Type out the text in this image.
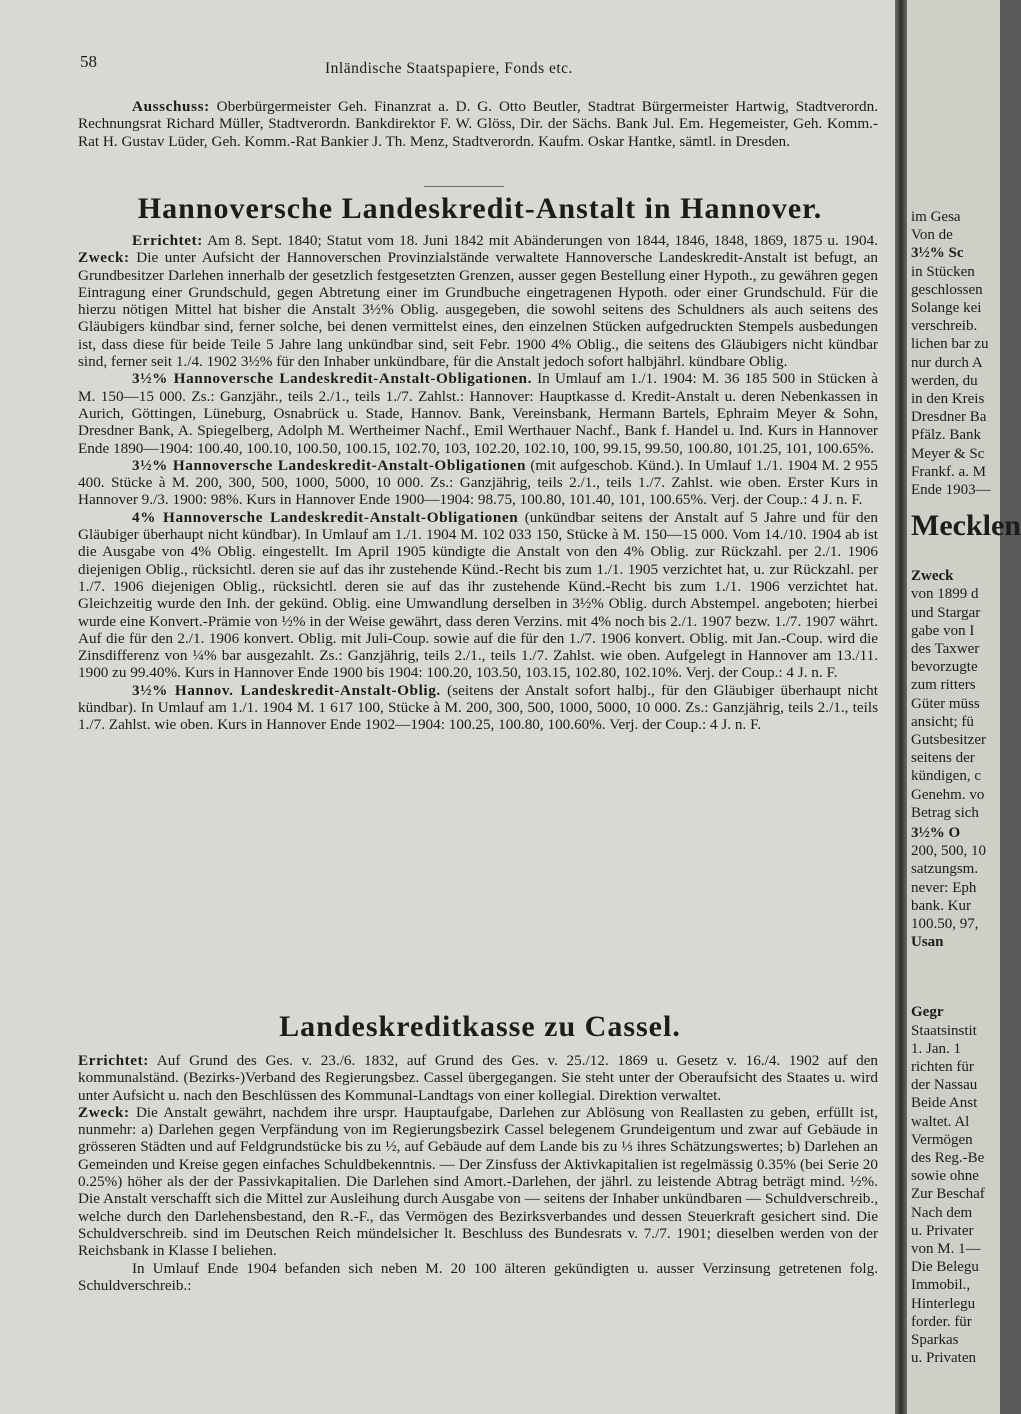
58	Inländische Staatspapiere, Fonds etc.

Ausschuss: Oberbürgermeister Geh. Finanzrat a. D. G. Otto Beutler, Stadtrat Bürgermeister Hartwig, Stadtverordn. Rechnungsrat Richard Müller, Stadtverordn. Bankdirektor F. W. Glöss, Dir. der Sächs. Bank Jul. Em. Hegemeister, Geh. Komm.-Rat H. Gustav Lüder, Geh. Komm.-Rat Bankier J. Th. Menz, Stadtverordn. Kaufm. Oskar Hantke, sämtl. in Dresden.

Hannoversche Landeskredit-Anstalt in Hannover.

Errichtet: Am 8. Sept. 1840; Statut vom 18. Juni 1842 mit Abänderungen von 1844, 1846, 1848, 1869, 1875 u. 1904. Zweck: Die unter Aufsicht der Hannoverschen Provinzialstände verwaltete Hannoversche Landeskredit-Anstalt ist befugt, an Grundbesitzer Darlehen innerhalb der gesetzlich festgesetzten Grenzen, ausser gegen Bestellung einer Hypoth., zu gewähren gegen Eintragung einer Grundschuld, gegen Abtretung einer im Grundbuche eingetragenen Hypoth. oder einer Grundschuld. Für die hierzu nötigen Mittel hat bisher die Anstalt 3½% Oblig. ausgegeben, die sowohl seitens des Schuldners als auch seitens des Gläubigers kündbar sind, ferner solche, bei denen vermittelst eines, den einzelnen Stücken aufgedruckten Stempels ausbedungen ist, dass diese für beide Teile 5 Jahre lang unkündbar sind, seit Febr. 1900 4% Oblig., die seitens des Gläubigers nicht kündbar sind, ferner seit 1./4. 1902 3½% für den Inhaber unkündbare, für die Anstalt jedoch sofort halbjährl. kündbare Oblig.

3½% Hannoversche Landeskredit-Anstalt-Obligationen. In Umlauf am 1./1. 1904: M. 36 185 500 in Stücken à M. 150—15 000. Zs.: Ganzjähr., teils 2./1., teils 1./7. Zahlst.: Hannover: Hauptkasse d. Kredit-Anstalt u. deren Nebenkassen in Aurich, Göttingen, Lüneburg, Osnabrück u. Stade, Hannov. Bank, Vereinsbank, Hermann Bartels, Ephraim Meyer & Sohn, Dresdner Bank, A. Spiegelberg, Adolph M. Wertheimer Nachf., Emil Werthauer Nachf., Bank f. Handel u. Ind. Kurs in Hannover Ende 1890—1904: 100.40, 100.10, 100.50, 100.15, 102.70, 103, 102.20, 102.10, 100, 99.15, 99.50, 100.80, 101.25, 101, 100.65%.

3½% Hannoversche Landeskredit-Anstalt-Obligationen (mit aufgeschob. Künd.). In Umlauf 1./1. 1904 M. 2 955 400. Stücke à M. 200, 300, 500, 1000, 5000, 10 000. Zs.: Ganzjährig, teils 2./1., teils 1./7. Zahlst. wie oben. Erster Kurs in Hannover 9./3. 1900: 98%. Kurs in Hannover Ende 1900—1904: 98.75, 100.80, 101.40, 101, 100.65%. Verj. der Coup.: 4 J. n. F.

4% Hannoversche Landeskredit-Anstalt-Obligationen (unkündbar seitens der Anstalt auf 5 Jahre und für den Gläubiger überhaupt nicht kündbar). In Umlauf am 1./1. 1904 M. 102 033 150, Stücke à M. 150—15 000. Vom 14./10. 1904 ab ist die Ausgabe von 4% Oblig. eingestellt. Im April 1905 kündigte die Anstalt von den 4% Oblig. zur Rückzahl. per 2./1. 1906 diejenigen Oblig., rücksichtl. deren sie auf das ihr zustehende Künd.-Recht bis zum 1./1. 1905 verzichtet hat, u. zur Rückzahl. per 1./7. 1906 diejenigen Oblig., rücksichtl. deren sie auf das ihr zustehende Künd.-Recht bis zum 1./1. 1906 verzichtet hat. Gleichzeitig wurde den Inh. der gekünd. Oblig. eine Umwandlung derselben in 3½% Oblig. durch Abstempel. angeboten; hierbei wurde eine Konvert.-Prämie von ½% in der Weise gewährt, dass deren Verzins. mit 4% noch bis 2./1. 1907 bezw. 1./7. 1907 währt. Auf die für den 2./1. 1906 konvert. Oblig. mit Juli-Coup. sowie auf die für den 1./7. 1906 konvert. Oblig. mit Jan.-Coup. wird die Zinsdifferenz von ¼% bar ausgezahlt. Zs.: Ganzjährig, teils 2./1., teils 1./7. Zahlst. wie oben. Aufgelegt in Hannover am 13./11. 1900 zu 99.40%. Kurs in Hannover Ende 1900 bis 1904: 100.20, 103.50, 103.15, 102.80, 102.10%. Verj. der Coup.: 4 J. n. F.

3½% Hannov. Landeskredit-Anstalt-Oblig. (seitens der Anstalt sofort halbj., für den Gläubiger überhaupt nicht kündbar). In Umlauf am 1./1. 1904 M. 1 617 100, Stücke à M. 200, 300, 500, 1000, 5000, 10 000. Zs.: Ganzjährig, teils 2./1., teils 1./7. Zahlst. wie oben. Kurs in Hannover Ende 1902—1904: 100.25, 100.80, 100.60%. Verj. der Coup.: 4 J. n. F.

Landeskreditkasse zu Cassel.

Errichtet: Auf Grund des Ges. v. 23./6. 1832, auf Grund des Ges. v. 25./12. 1869 u. Gesetz v. 16./4. 1902 auf den kommunalständ. (Bezirks-)Verband des Regierungsbez. Cassel übergegangen. Sie steht unter der Oberaufsicht des Staates u. wird unter Aufsicht u. nach den Beschlüssen des Kommunal-Landtags von einer kollegial. Direktion verwaltet.

Zweck: Die Anstalt gewährt, nachdem ihre urspr. Hauptaufgabe, Darlehen zur Ablösung von Reallasten zu geben, erfüllt ist, nunmehr: a) Darlehen gegen Verpfändung von im Regierungsbezirk Cassel belegenem Grundeigentum und zwar auf Gebäude in grösseren Städten und auf Feldgrundstücke bis zu ½, auf Gebäude auf dem Lande bis zu ⅓ ihres Schätzungswertes; b) Darlehen an Gemeinden und Kreise gegen einfaches Schuldbekenntnis. — Der Zinsfuss der Aktivkapitalien ist regelmässig 0.35% (bei Serie 20 0.25%) höher als der der Passivkapitalien. Die Darlehen sind Amort.-Darlehen, der jährl. zu leistende Abtrag beträgt mind. ½%. Die Anstalt verschafft sich die Mittel zur Ausleihung durch Ausgabe von — seitens der Inhaber unkündbaren — Schuldverschreib., welche durch den Darlehensbestand, den R.-F., das Vermögen des Bezirksverbandes und dessen Steuerkraft gesichert sind. Die Schuldverschreib. sind im Deutschen Reich mündelsicher lt. Beschluss des Bundesrats v. 7./7. 1901; dieselben werden von der Reichsbank in Klasse I beliehen.

In Umlauf Ende 1904 befanden sich neben M. 20 100 älteren gekündigten u. ausser Verzinsung getretenen folg. Schuldverschreib.:

im Gesa
Von de
3½% Sc
in Stücken
geschlossen
Solange kei
verschreib.
lichen bar zu
nur durch A
werden, du
in den Kreis
Dresdner Ba
Pfälz. Bank
Meyer & Sc
Frankf. a. M
Ende 1903—
Mecklen
Zweck
von 1899 d
und Stargar
gabe von I
des Taxwer
bevorzugte
zum ritters
Güter müss
ansicht; fü
Gutsbesitzer
seitens der
kündigen, c
Genehm. vo
Betrag sich
3½% O
200, 500, 10
satzungsm.
never: Eph
bank. Kur
100.50, 97,
Usan
Gegr
Staatsinstit
1. Jan. 1
richten für
der Nassau
Beide Anst
waltet. Al
Vermögen
des Reg.-Be
sowie ohne
Zur Beschaf
Nach dem
u. Privater
von M. 1—
Die Belegu
Immobil.,
Hinterlegu
forder. für
Sparkas
u. Privaten
